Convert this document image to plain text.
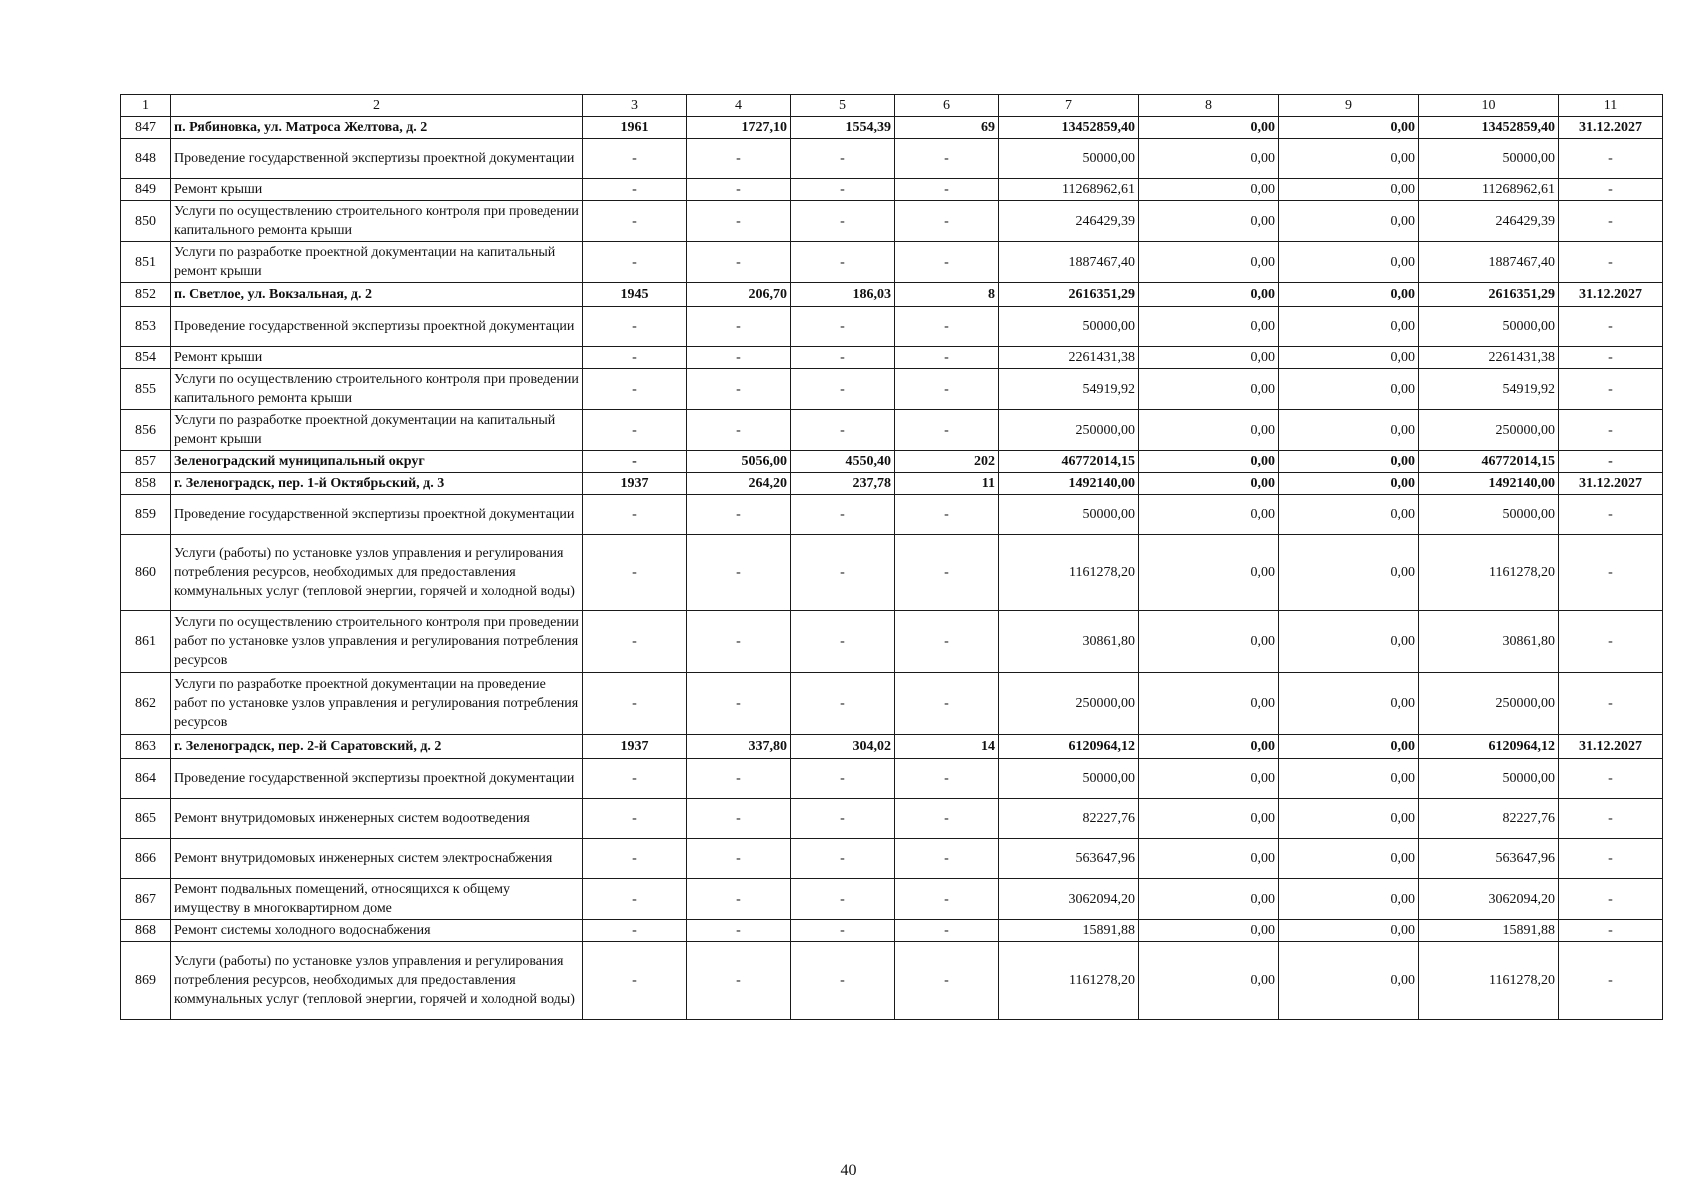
1	2	3	4	5	6	7	8	9	10	11
847	п. Рябиновка, ул. Матроса Желтова, д. 2	1961	1727,10	1554,39	69	13452859,40	0,00	0,00	13452859,40	31.12.2027
848	Проведение государственной экспертизы проектной документации	-	-	-	-	50000,00	0,00	0,00	50000,00	-
849	Ремонт крыши	-	-	-	-	11268962,61	0,00	0,00	11268962,61	-
850	Услуги по осуществлению строительного контроля при проведении капитального ремонта крыши	-	-	-	-	246429,39	0,00	0,00	246429,39	-
851	Услуги по разработке проектной документации на капитальный ремонт крыши	-	-	-	-	1887467,40	0,00	0,00	1887467,40	-
852	п. Светлое, ул. Вокзальная, д. 2	1945	206,70	186,03	8	2616351,29	0,00	0,00	2616351,29	31.12.2027
853	Проведение государственной экспертизы проектной документации	-	-	-	-	50000,00	0,00	0,00	50000,00	-
854	Ремонт крыши	-	-	-	-	2261431,38	0,00	0,00	2261431,38	-
855	Услуги по осуществлению строительного контроля при проведении капитального ремонта крыши	-	-	-	-	54919,92	0,00	0,00	54919,92	-
856	Услуги по разработке проектной документации на капитальный ремонт крыши	-	-	-	-	250000,00	0,00	0,00	250000,00	-
857	Зеленоградский муниципальный округ	-	5056,00	4550,40	202	46772014,15	0,00	0,00	46772014,15	-
858	г. Зеленоградск, пер. 1-й Октябрьский, д. 3	1937	264,20	237,78	11	1492140,00	0,00	0,00	1492140,00	31.12.2027
859	Проведение государственной экспертизы проектной документации	-	-	-	-	50000,00	0,00	0,00	50000,00	-
860	Услуги (работы) по установке узлов управления и регулирования потребления ресурсов, необходимых для предоставления коммунальных услуг (тепловой энергии, горячей и холодной воды)	-	-	-	-	1161278,20	0,00	0,00	1161278,20	-
861	Услуги по осуществлению строительного контроля при проведении работ по установке узлов управления и регулирования потребления ресурсов	-	-	-	-	30861,80	0,00	0,00	30861,80	-
862	Услуги по разработке проектной документации на проведение работ по установке узлов управления и регулирования потребления ресурсов	-	-	-	-	250000,00	0,00	0,00	250000,00	-
863	г. Зеленоградск, пер. 2-й Саратовский, д. 2	1937	337,80	304,02	14	6120964,12	0,00	0,00	6120964,12	31.12.2027
864	Проведение государственной экспертизы проектной документации	-	-	-	-	50000,00	0,00	0,00	50000,00	-
865	Ремонт внутридомовых инженерных систем водоотведения	-	-	-	-	82227,76	0,00	0,00	82227,76	-
866	Ремонт внутридомовых инженерных систем электроснабжения	-	-	-	-	563647,96	0,00	0,00	563647,96	-
867	Ремонт подвальных помещений, относящихся к общему имуществу в многоквартирном доме	-	-	-	-	3062094,20	0,00	0,00	3062094,20	-
868	Ремонт системы холодного водоснабжения	-	-	-	-	15891,88	0,00	0,00	15891,88	-
869	Услуги (работы) по установке узлов управления и регулирования потребления ресурсов, необходимых для предоставления коммунальных услуг (тепловой энергии, горячей и холодной воды)	-	-	-	-	1161278,20	0,00	0,00	1161278,20	-
40
